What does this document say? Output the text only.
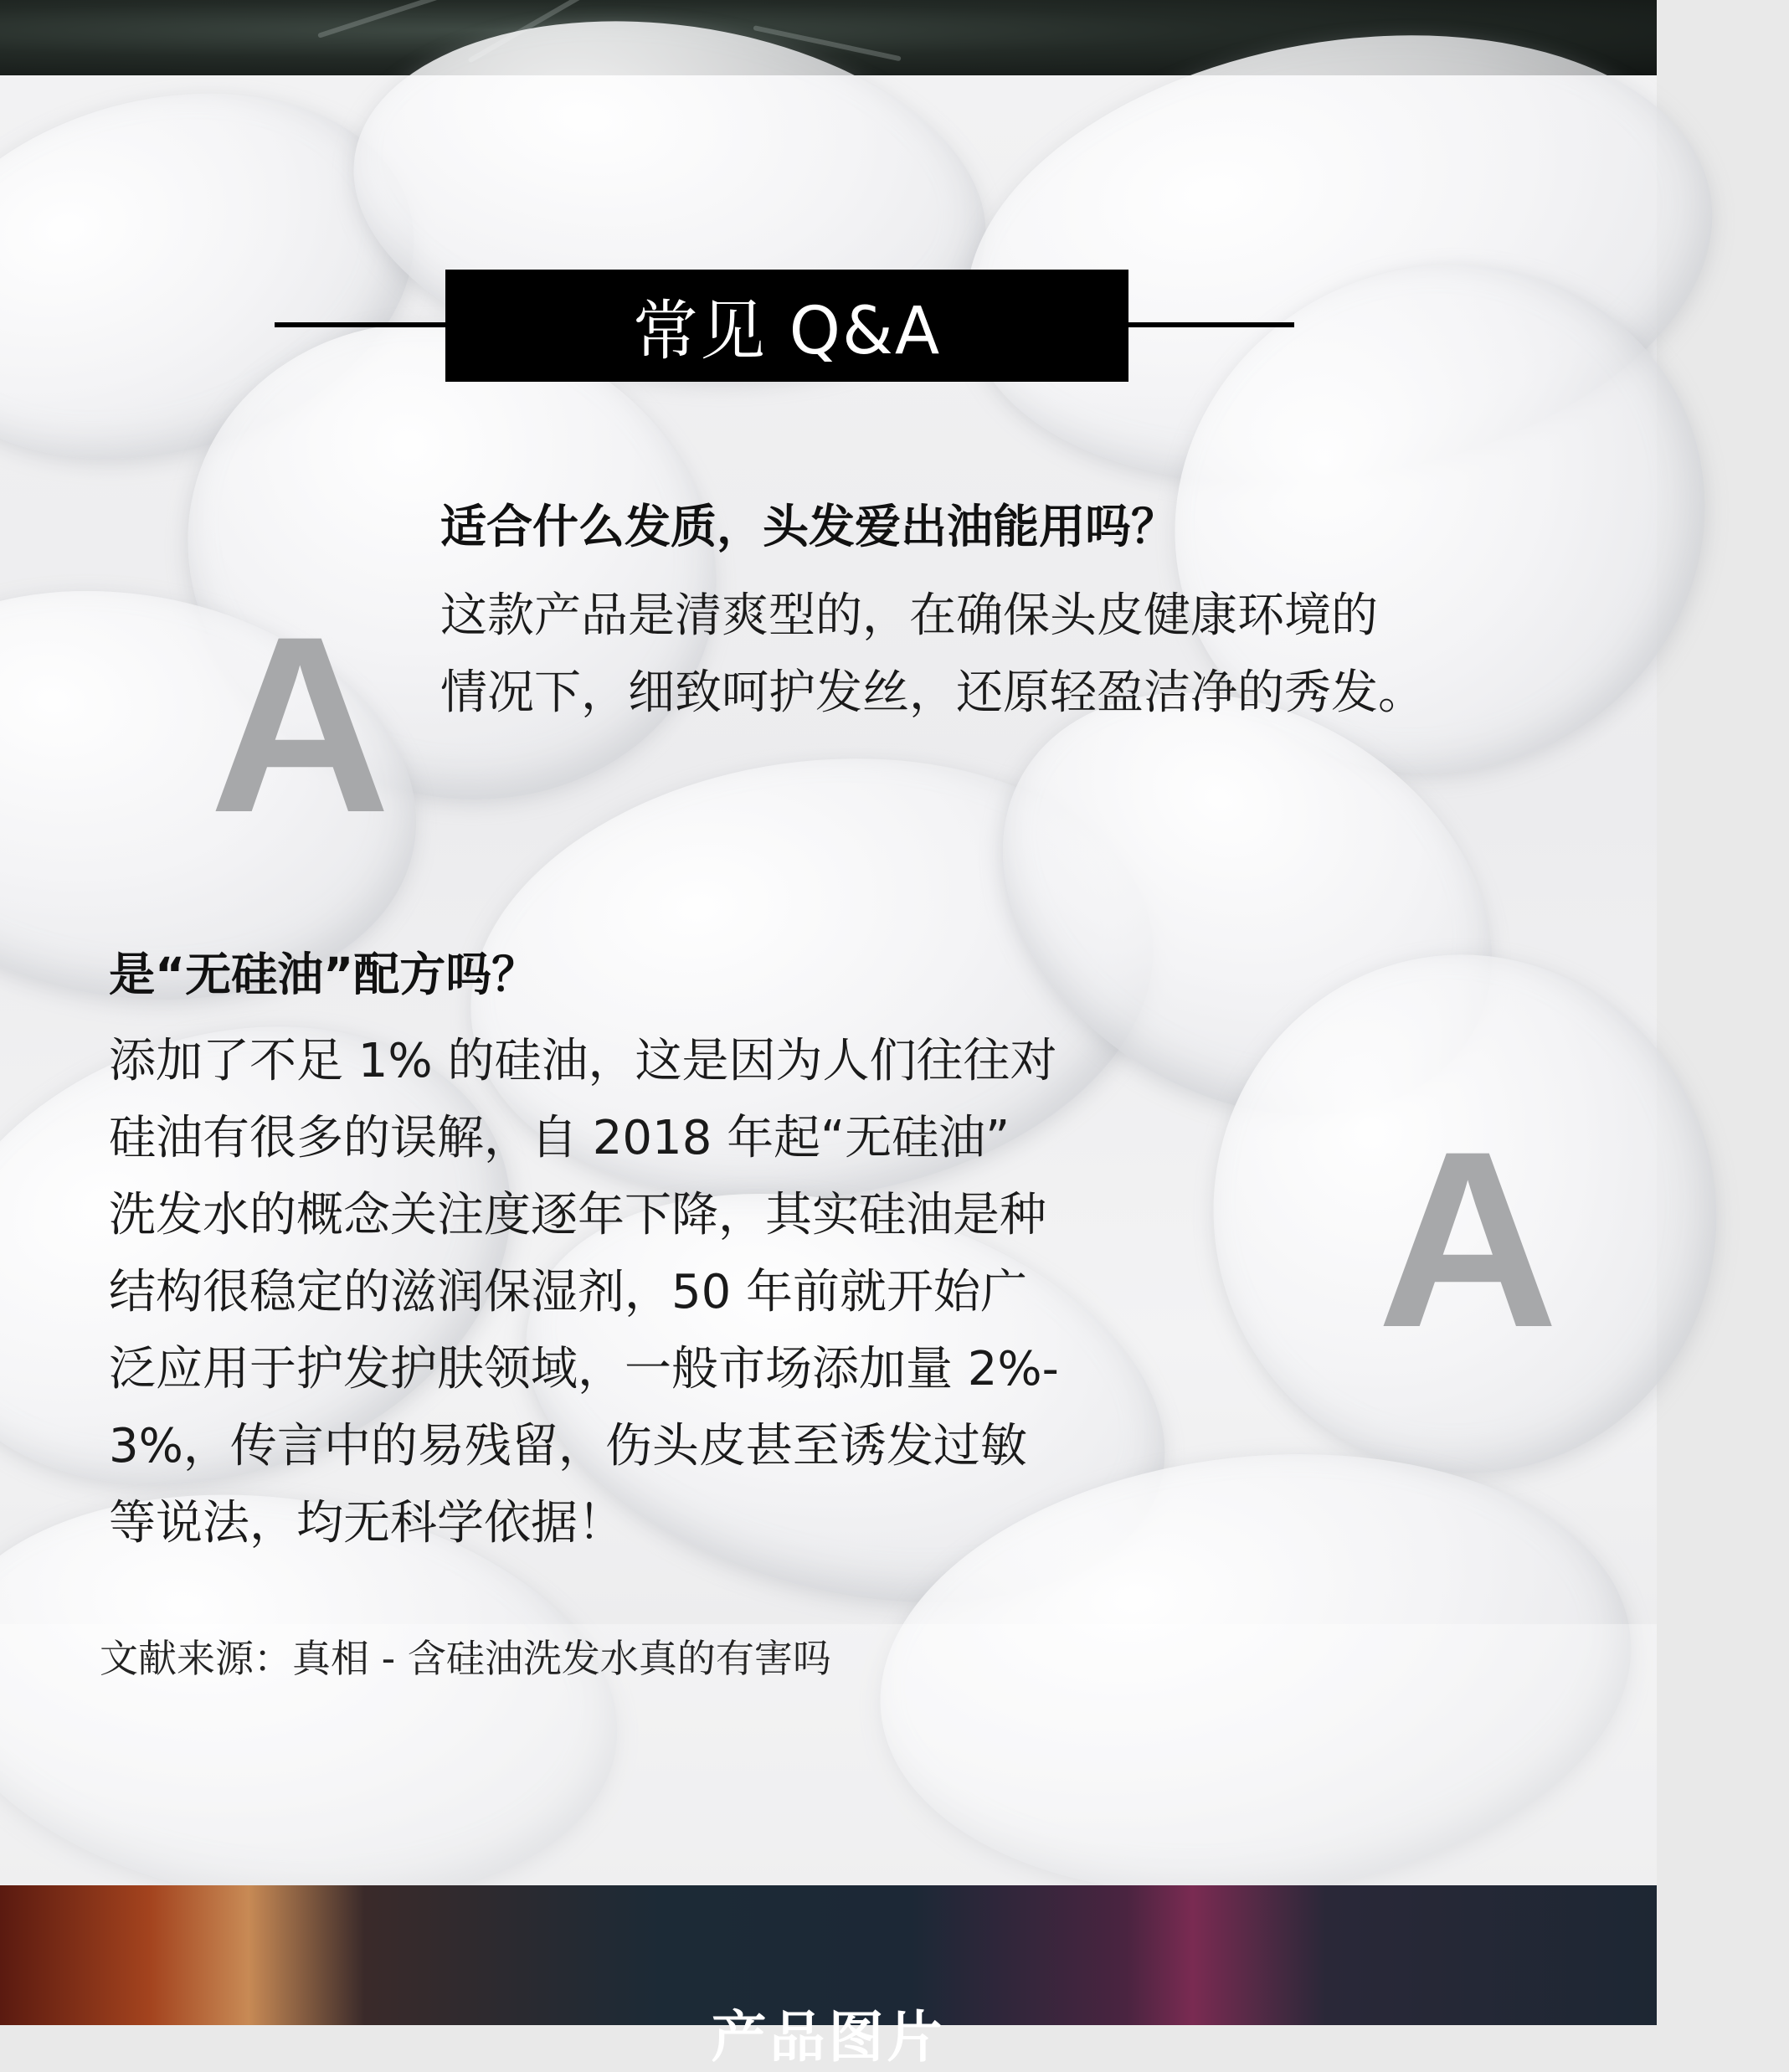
常见 Q&A
A
适合什么发质，头发爱出油能用吗？

这款产品是清爽型的，在确保头皮健康环境的
情况下，细致呵护发丝，还原轻盈洁净的秀发。

是“无硅油”配方吗？

添加了不足 1% 的硅油，这是因为人们往往对
硅油有很多的误解，自 2018 年起“无硅油”
洗发水的概念关注度逐年下降，其实硅油是种
结构很稳定的滋润保湿剂，50 年前就开始广
泛应用于护发护肤领域，一般市场添加量 2%-
3%，传言中的易残留，伤头皮甚至诱发过敏
等说法，均无科学依据！

A
文献来源：真相 - 含硅油洗发水真的有害吗
产品图片
